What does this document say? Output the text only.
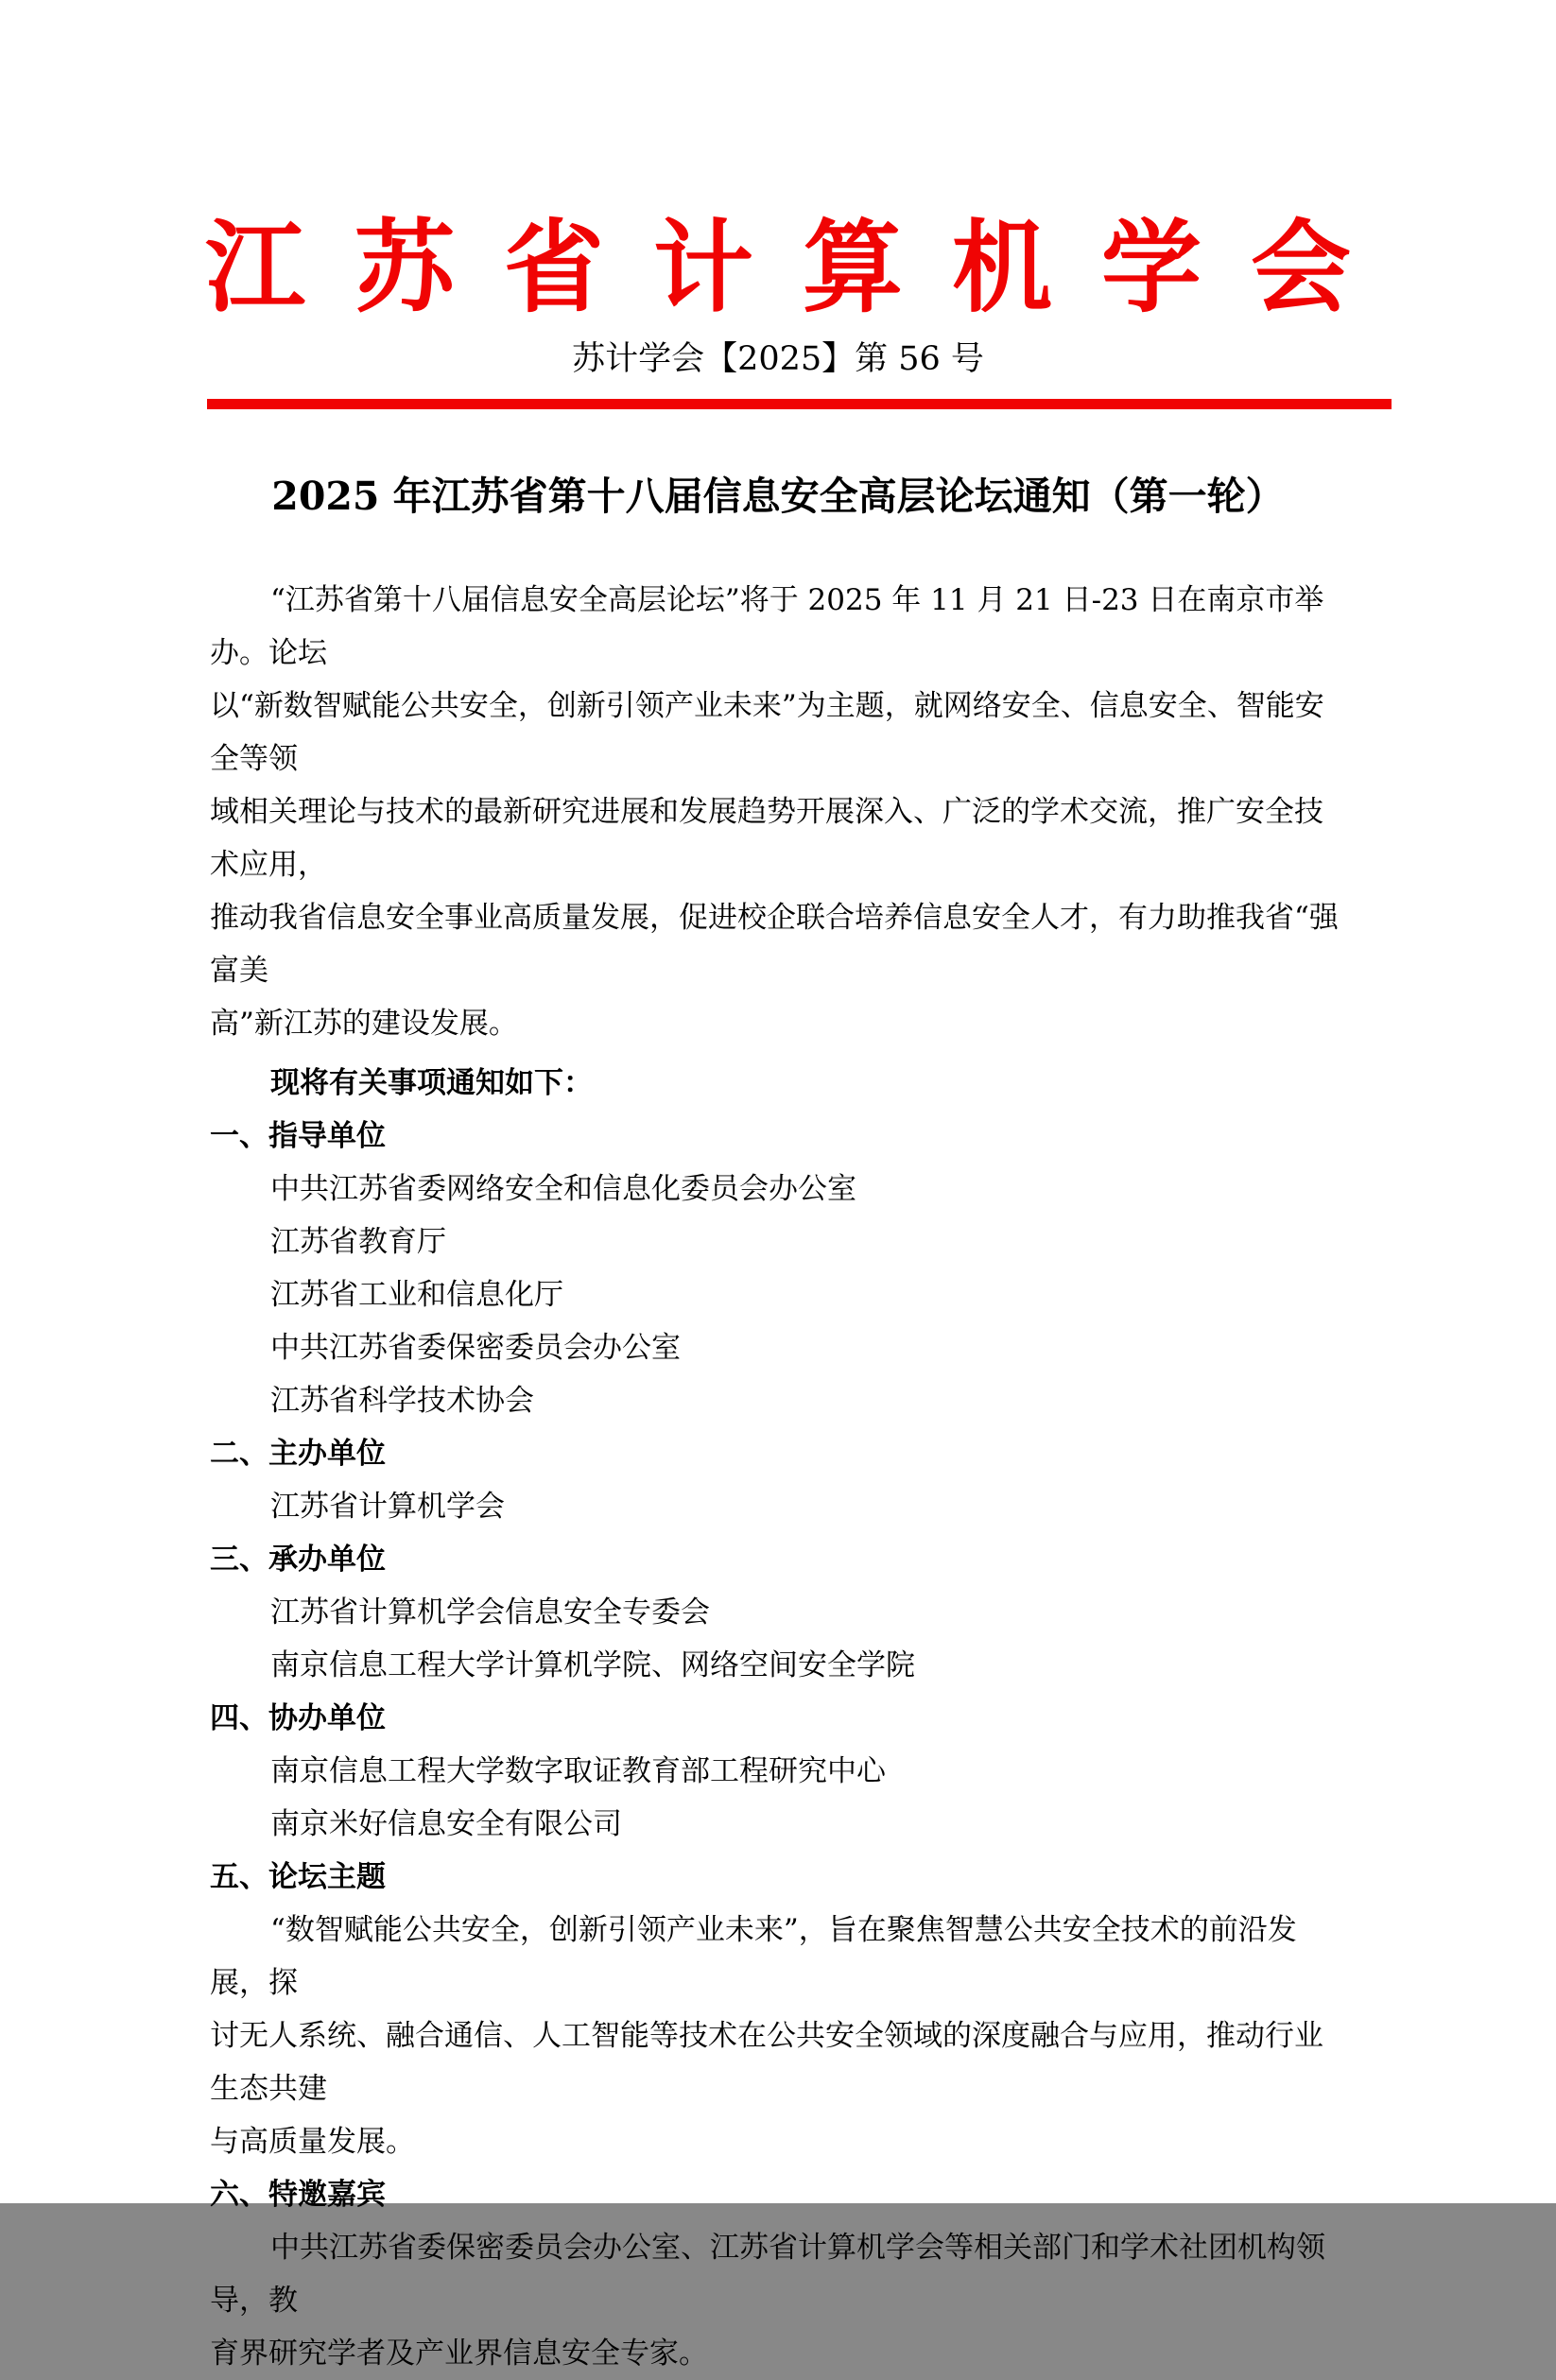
江苏省计算机学会
苏计学会【2025】第 56 号
2025 年江苏省第十八届信息安全高层论坛通知（第一轮）
“江苏省第十八届信息安全高层论坛”将于 2025 年 11 月 21 日-23 日在南京市举办。论坛
以“新数智赋能公共安全，创新引领产业未来”为主题，就网络安全、信息安全、智能安全等领
域相关理论与技术的最新研究进展和发展趋势开展深入、广泛的学术交流，推广安全技术应用，
推动我省信息安全事业高质量发展，促进校企联合培养信息安全人才，有力助推我省“强富美
高”新江苏的建设发展。
现将有关事项通知如下：
一、指导单位
中共江苏省委网络安全和信息化委员会办公室
江苏省教育厅
江苏省工业和信息化厅
中共江苏省委保密委员会办公室
江苏省科学技术协会
二、主办单位
江苏省计算机学会
三、承办单位
江苏省计算机学会信息安全专委会
南京信息工程大学计算机学院、网络空间安全学院
四、协办单位
南京信息工程大学数字取证教育部工程研究中心
南京米好信息安全有限公司
五、论坛主题
“数智赋能公共安全，创新引领产业未来”，旨在聚焦智慧公共安全技术的前沿发展，探
讨无人系统、融合通信、人工智能等技术在公共安全领域的深度融合与应用，推动行业生态共建
与高质量发展。
六、特邀嘉宾
中共江苏省委保密委员会办公室、江苏省计算机学会等相关部门和学术社团机构领导，教
育界研究学者及产业界信息安全专家。
